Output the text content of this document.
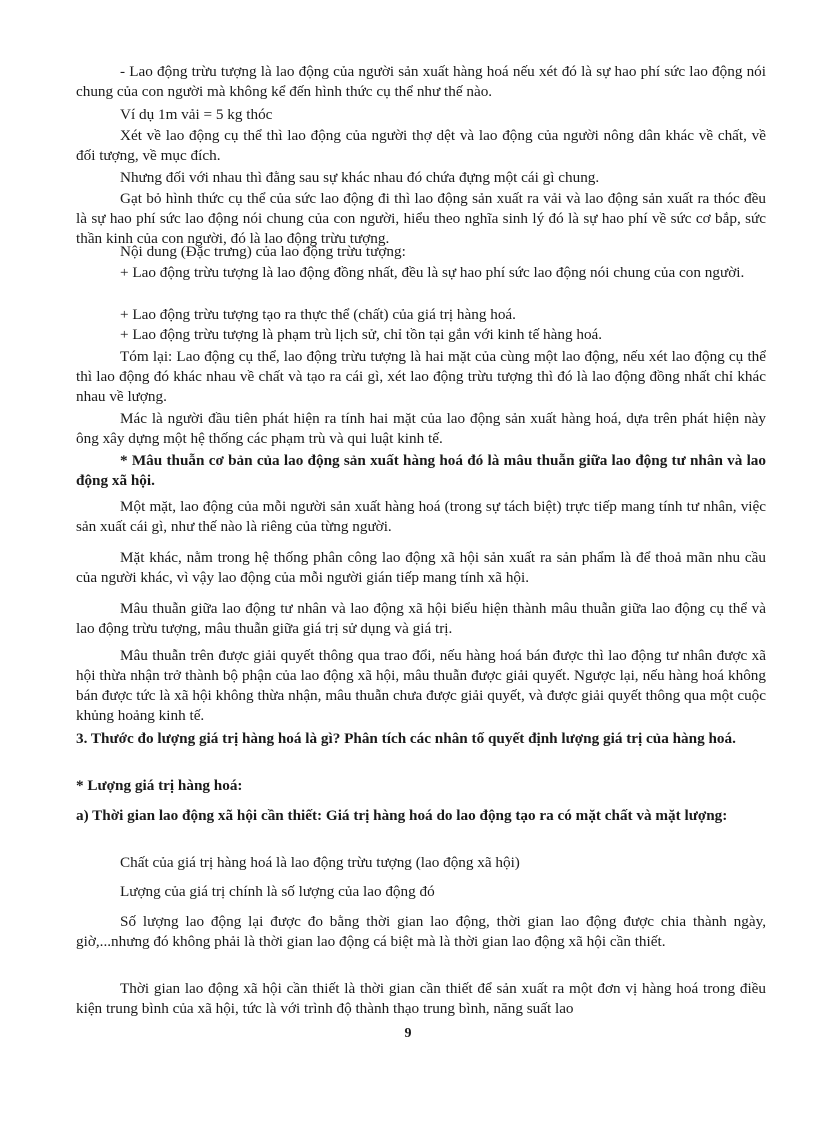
- Lao động trừu tượng là lao động của người sản xuất hàng hoá nếu xét đó là sự hao phí sức lao động nói chung của con người mà không kể đến hình thức cụ thể như thế nào.

Ví dụ 1m vải = 5 kg thóc

Xét về lao động cụ thể thì lao động của người thợ dệt và lao động của người nông dân khác về chất, về đối tượng, về mục đích.

Nhưng đối với nhau thì đằng sau sự khác nhau đó chứa đựng một cái gì chung.

Gạt bỏ hình thức cụ thể của sức lao động đi thì lao động sản xuất ra vải và lao động sản xuất ra thóc đều là sự hao phí sức lao động nói chung của con người, hiểu theo nghĩa sinh lý đó là sự hao phí về sức cơ bắp, sức thần kinh của con người, đó là lao động trừu tượng.

Nội dung (Đặc trưng) của lao động trừu tượng:

+ Lao động trừu tượng là lao động đồng nhất, đều là sự hao phí sức lao động nói chung của con người.

+ Lao động trừu tượng tạo ra thực thể (chất) của giá trị hàng hoá.

+ Lao động trừu tượng là phạm trù lịch sử, chỉ tồn tại gắn với kinh tế hàng hoá.

Tóm lại: Lao động cụ thể, lao động trừu tượng là hai mặt của cùng một lao động, nếu xét lao động cụ thể thì lao động đó khác nhau về chất và tạo ra cái gì, xét lao động trừu tượng thì đó là lao động đồng nhất chỉ khác nhau về lượng.

Mác là người đầu tiên phát hiện ra tính hai mặt của lao động sản xuất hàng hoá, dựa trên phát hiện này ông xây dựng một hệ thống các phạm trù và qui luật kinh tế.

* Mâu thuẫn cơ bản của lao động sản xuất hàng hoá đó là mâu thuẫn giữa lao động tư nhân và lao động xã hội.

Một mặt, lao động của mỗi người sản xuất hàng hoá (trong sự tách biệt) trực tiếp mang tính tư nhân, việc sản xuất cái gì, như thế nào là riêng của từng người.

Mặt khác, nằm trong hệ thống phân công lao động xã hội sản xuất ra sản phẩm là để thoả mãn nhu cầu của người khác, vì vậy lao động của mỗi người gián tiếp mang tính xã hội.

Mâu thuẫn giữa lao động tư nhân và lao động xã hội biểu hiện thành mâu thuẫn giữa lao động cụ thể và lao động trừu tượng, mâu thuẫn giữa giá trị sử dụng và giá trị.

Mâu thuẫn trên được giải quyết thông qua trao đổi, nếu hàng hoá bán được thì lao động tư nhân được xã hội thừa nhận trở thành bộ phận của lao động xã hội, mâu thuẫn được giải quyết. Ngược lại, nếu hàng hoá không bán được tức là xã hội không thừa nhận, mâu thuẫn chưa được giải quyết, và được giải quyết thông qua một cuộc khủng hoảng kinh tế.

3. Thước đo lượng giá trị hàng hoá là gì? Phân tích các nhân tố quyết định lượng giá trị của hàng hoá.

* Lượng giá trị hàng hoá:

a) Thời gian lao động xã hội cần thiết: Giá trị hàng hoá do lao động tạo ra có mặt chất và mặt lượng:

Chất của giá trị hàng hoá là lao động trừu tượng (lao động xã hội)

Lượng của giá trị chính là số lượng của lao động đó

Số lượng lao động lại được đo bằng thời gian lao động, thời gian lao động được chia thành ngày, giờ,...nhưng đó không phải là thời gian lao động cá biệt mà là thời gian lao động xã hội cần thiết.

Thời gian lao động xã hội cần thiết là thời gian cần thiết để sản xuất ra một đơn vị hàng hoá trong điều kiện trung bình của xã hội, tức là với trình độ thành thạo trung bình, năng suất lao

9
